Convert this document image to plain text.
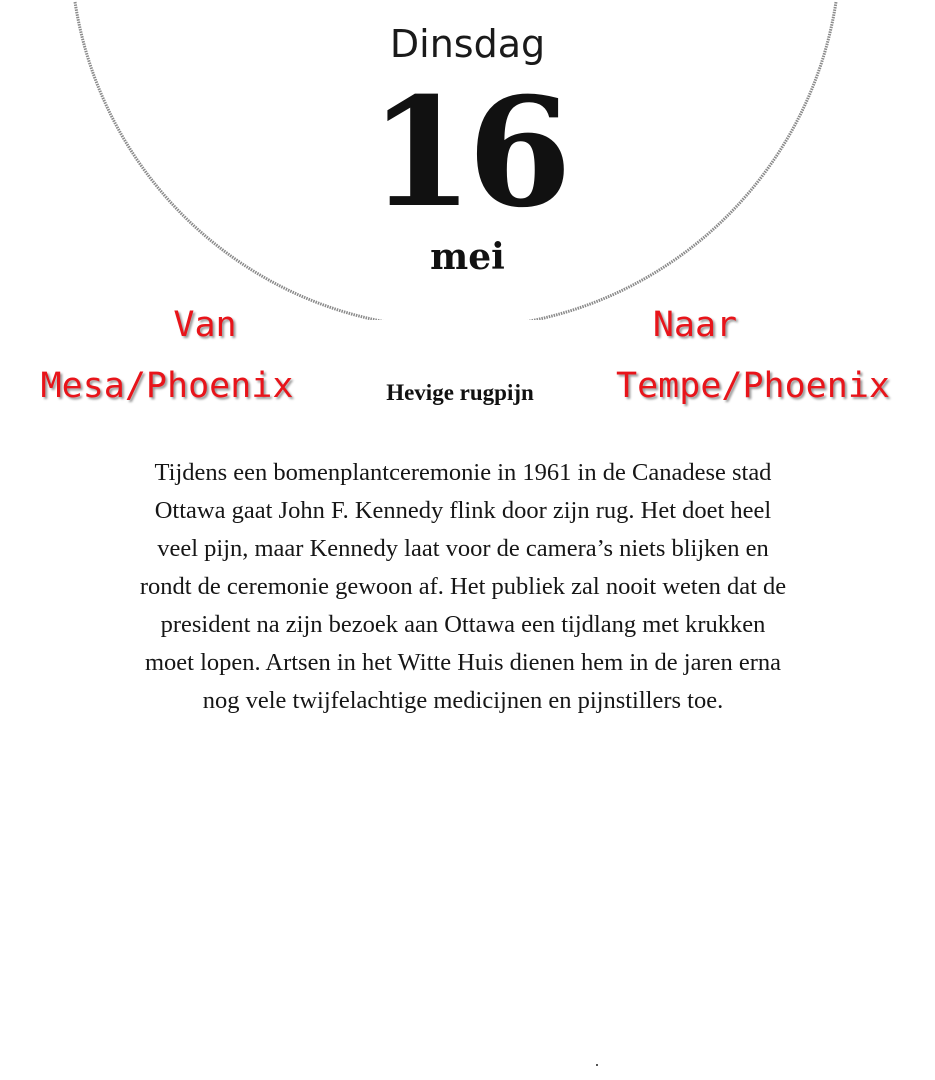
Dinsdag
16
mei
Van
Mesa/Phoenix
Naar
Tempe/Phoenix
Hevige rugpijn
Tijdens een bomenplantceremonie in 1961 in de Canadese stad Ottawa gaat John F. Kennedy flink door zijn rug. Het doet heel veel pijn, maar Kennedy laat voor de camera’s niets blijken en rondt de ceremonie gewoon af. Het publiek zal nooit weten dat de president na zijn bezoek aan Ottawa een tijdlang met krukken moet lopen. Artsen in het Witte Huis dienen hem in de jaren erna nog vele twijfelachtige medicijnen en pijnstillers toe.
